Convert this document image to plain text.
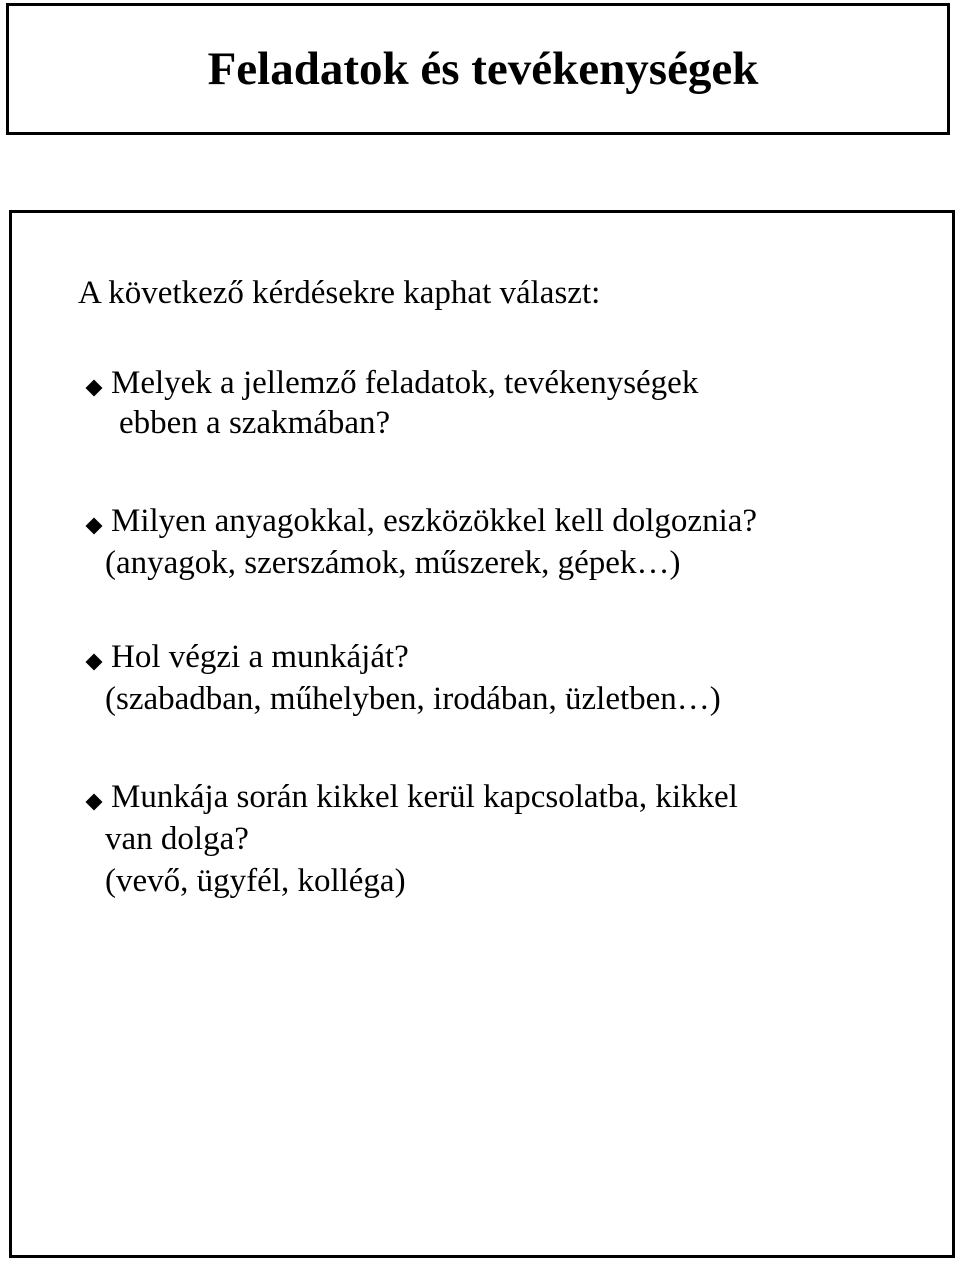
Feladatok és tevékenységek
A következő kérdésekre kaphat választ:
Melyek a jellemző feladatok, tevékenységek
ebben a szakmában?
Milyen anyagokkal, eszközökkel kell dolgoznia?
(anyagok, szerszámok, műszerek, gépek…)
Hol végzi a munkáját?
(szabadban, műhelyben, irodában, üzletben…)
Munkája során kikkel kerül kapcsolatba, kikkel
van dolga?
(vevő, ügyfél, kolléga)
